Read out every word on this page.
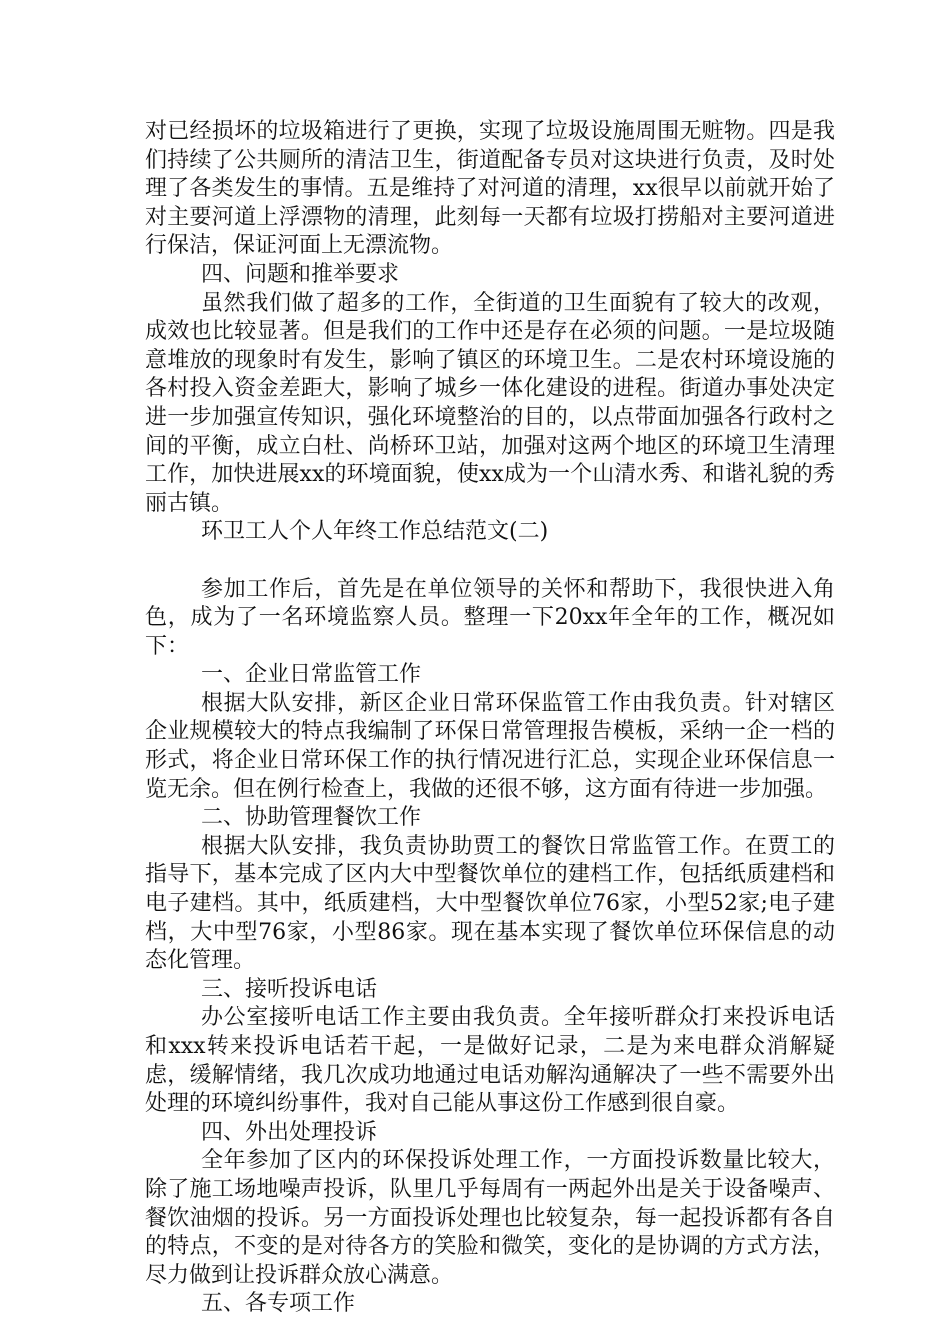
对已经损坏的垃圾箱进行了更换，实现了垃圾设施周围无赃物。四是我们持续了公共厕所的清洁卫生，街道配备专员对这块进行负责，及时处理了各类发生的事情。五是维持了对河道的清理，xx很早以前就开始了对主要河道上浮漂物的清理，此刻每一天都有垃圾打捞船对主要河道进行保洁，保证河面上无漂流物。

四、问题和推举要求

虽然我们做了超多的工作，全街道的卫生面貌有了较大的改观，成效也比较显著。但是我们的工作中还是存在必须的问题。一是垃圾随意堆放的现象时有发生，影响了镇区的环境卫生。二是农村环境设施的各村投入资金差距大，影响了城乡一体化建设的进程。街道办事处决定进一步加强宣传知识，强化环境整治的目的，以点带面加强各行政村之间的平衡，成立白杜、尚桥环卫站，加强对这两个地区的环境卫生清理工作，加快进展xx的环境面貌，使xx成为一个山清水秀、和谐礼貌的秀丽古镇。

环卫工人个人年终工作总结范文(二)

参加工作后，首先是在单位领导的关怀和帮助下，我很快进入角色，成为了一名环境监察人员。整理一下20xx年全年的工作，概况如下：

一、企业日常监管工作

根据大队安排，新区企业日常环保监管工作由我负责。针对辖区企业规模较大的特点我编制了环保日常管理报告模板，采纳一企一档的形式，将企业日常环保工作的执行情况进行汇总，实现企业环保信息一览无余。但在例行检查上，我做的还很不够，这方面有待进一步加强。

二、协助管理餐饮工作

根据大队安排，我负责协助贾工的餐饮日常监管工作。在贾工的指导下，基本完成了区内大中型餐饮单位的建档工作，包括纸质建档和电子建档。其中，纸质建档，大中型餐饮单位76家，小型52家;电子建档，大中型76家，小型86家。现在基本实现了餐饮单位环保信息的动态化管理。

三、接听投诉电话

办公室接听电话工作主要由我负责。全年接听群众打来投诉电话和xxx转来投诉电话若干起，一是做好记录，二是为来电群众消解疑虑，缓解情绪，我几次成功地通过电话劝解沟通解决了一些不需要外出处理的环境纠纷事件，我对自己能从事这份工作感到很自豪。

四、外出处理投诉

全年参加了区内的环保投诉处理工作，一方面投诉数量比较大，除了施工场地噪声投诉，队里几乎每周有一两起外出是关于设备噪声、餐饮油烟的投诉。另一方面投诉处理也比较复杂，每一起投诉都有各自的特点，不变的是对待各方的笑脸和微笑，变化的是协调的方式方法，尽力做到让投诉群众放心满意。

五、各专项工作
